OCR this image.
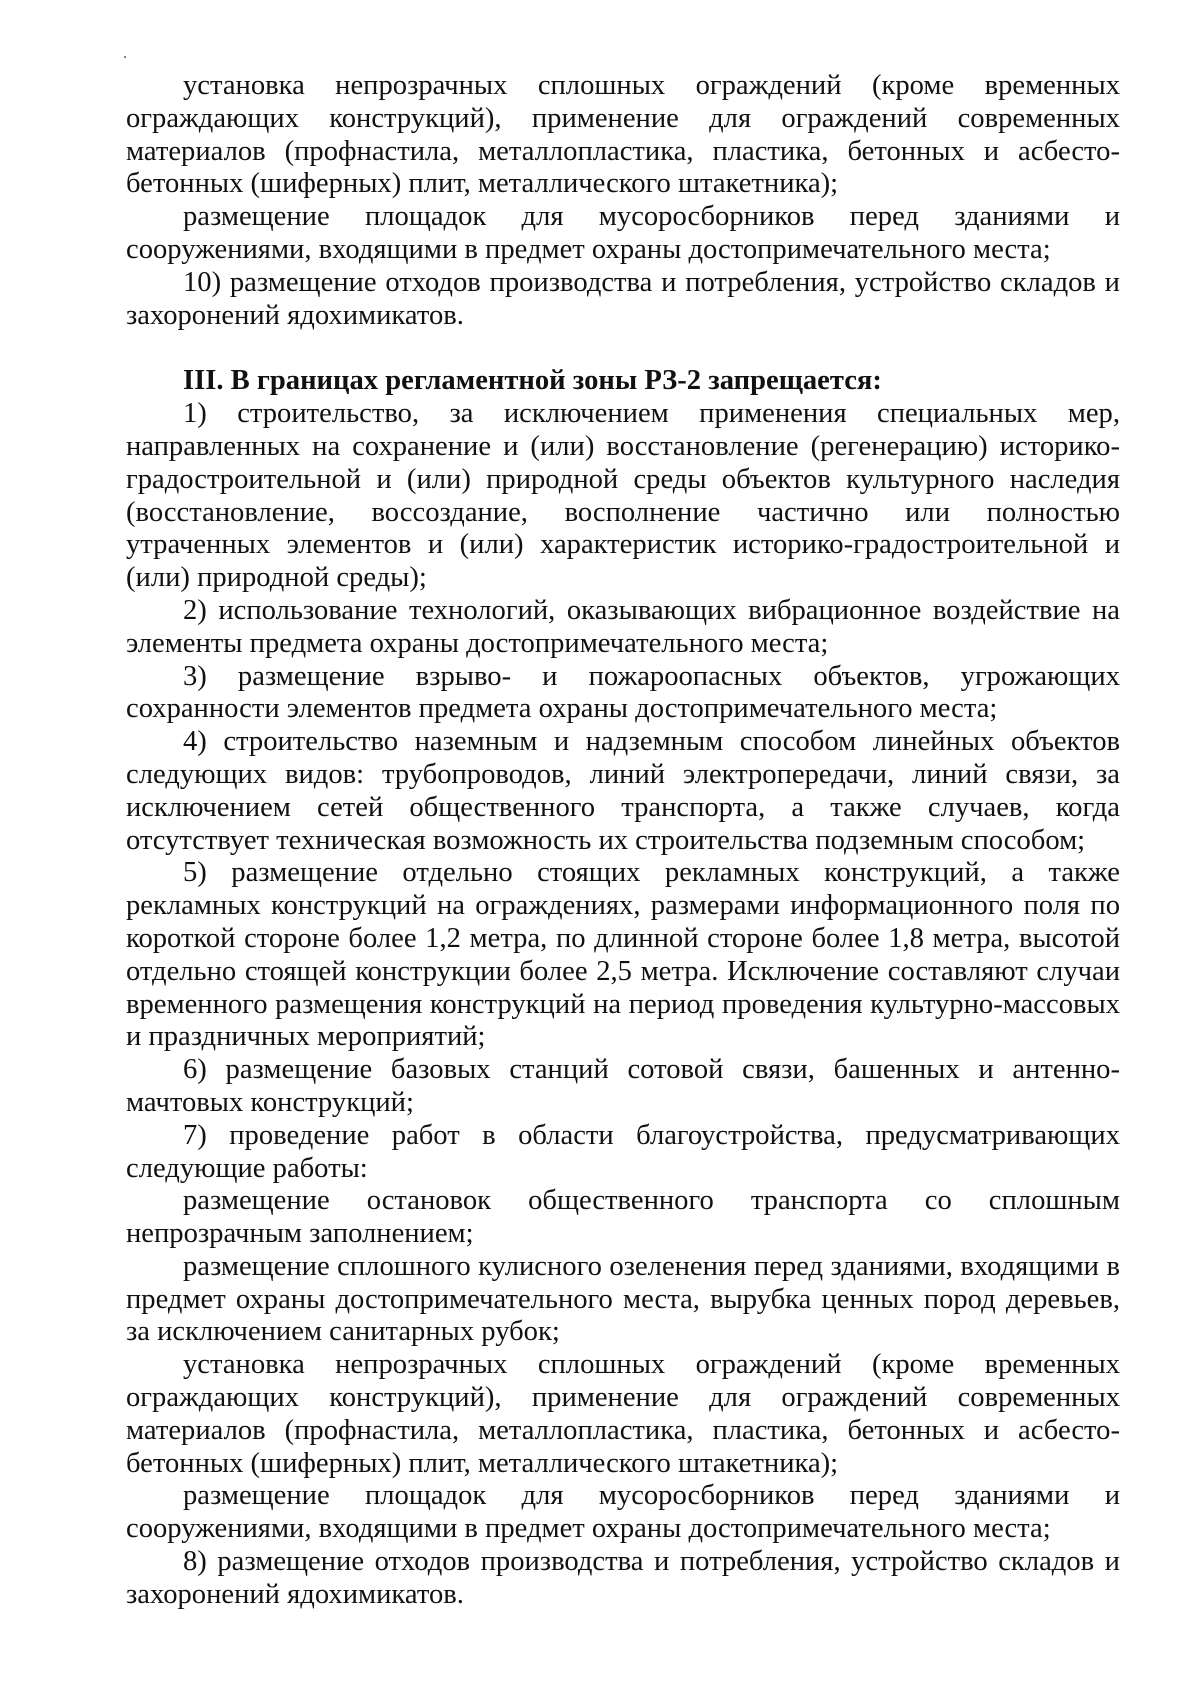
установка непрозрачных сплошных ограждений (кроме временных ограждающих конструкций), применение для ограждений современных материалов (профнастила, металлопластика, пластика, бетонных и асбесто-бетонных (шиферных) плит, металлического штакетника);

размещение площадок для мусоросборников перед зданиями и сооружениями, входящими в предмет охраны достопримечательного места;

10) размещение отходов производства и потребления, устройство складов и захоронений ядохимикатов.

III. В границах регламентной зоны РЗ-2 запрещается:

1) строительство, за исключением применения специальных мер, направленных на сохранение и (или) восстановление (регенерацию) историко-градостроительной и (или) природной среды объектов культурного наследия (восстановление, воссоздание, восполнение частично или полностью утраченных элементов и (или) характеристик историко-градостроительной и (или) природной среды);

2) использование технологий, оказывающих вибрационное воздействие на элементы предмета охраны достопримечательного места;

3) размещение взрыво- и пожароопасных объектов, угрожающих сохранности элементов предмета охраны достопримечательного места;

4) строительство наземным и надземным способом линейных объектов следующих видов: трубопроводов, линий электропередачи, линий связи, за исключением сетей общественного транспорта, а также случаев, когда отсутствует техническая возможность их строительства подземным способом;

5) размещение отдельно стоящих рекламных конструкций, а также рекламных конструкций на ограждениях, размерами информационного поля по короткой стороне более 1,2 метра, по длинной стороне более 1,8 метра, высотой отдельно стоящей конструкции более 2,5 метра. Исключение составляют случаи временного размещения конструкций на период проведения культурно-массовых и праздничных мероприятий;

6) размещение базовых станций сотовой связи, башенных и антенно-мачтовых конструкций;

7) проведение работ в области благоустройства, предусматривающих следующие работы:

размещение остановок общественного транспорта со сплошным непрозрачным заполнением;

размещение сплошного кулисного озеленения перед зданиями, входящими в предмет охраны достопримечательного места, вырубка ценных пород деревьев, за исключением санитарных рубок;

установка непрозрачных сплошных ограждений (кроме временных ограждающих конструкций), применение для ограждений современных материалов (профнастила, металлопластика, пластика, бетонных и асбесто-бетонных (шиферных) плит, металлического штакетника);

размещение площадок для мусоросборников перед зданиями и сооружениями, входящими в предмет охраны достопримечательного места;

8) размещение отходов производства и потребления, устройство складов и захоронений ядохимикатов.
